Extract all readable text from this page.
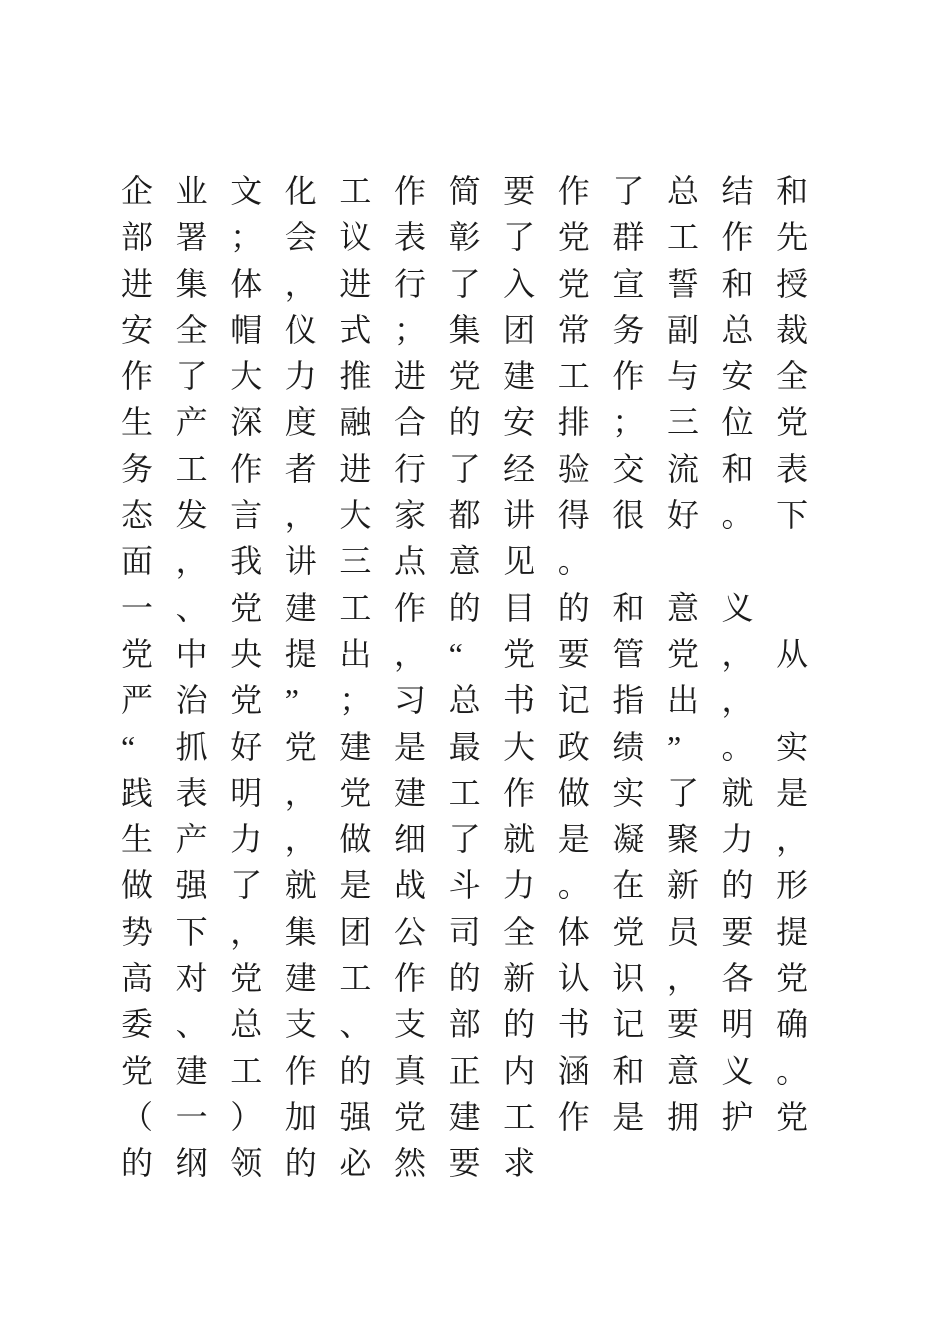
企 业 文 化 工 作 简 要 作 了 总 结 和
部 署 ； 会 议 表 彰 了 党 群 工 作 先
进 集 体 ， 进 行 了 入 党 宣 誓 和 授
安 全 帽 仪 式 ； 集 团 常 务 副 总 裁
作 了 大 力 推 进 党 建 工 作 与 安 全
生 产 深 度 融 合 的 安 排 ； 三 位 党
务 工 作 者 进 行 了 经 验 交 流 和 表
态 发 言 ， 大 家 都 讲 得 很 好 。 下
面 ， 我 讲 三 点 意 见 。
一 、 党 建 工 作 的 目 的 和 意 义
党 中 央 提 出 ， “ 党 要 管 党 ， 从
严 治 党 ” ； 习 总 书 记 指 出 ，
“ 抓 好 党 建 是 最 大 政 绩 ” 。 实
践 表 明 ， 党 建 工 作 做 实 了 就 是
生 产 力 ， 做 细 了 就 是 凝 聚 力 ，
做 强 了 就 是 战 斗 力 。 在 新 的 形
势 下 ， 集 团 公 司 全 体 党 员 要 提
高 对 党 建 工 作 的 新 认 识 ， 各 党
委 、 总 支 、 支 部 的 书 记 要 明 确
党 建 工 作 的 真 正 内 涵 和 意 义 。
（ 一 ） 加 强 党 建 工 作 是 拥 护 党
的 纲 领 的 必 然 要 求
